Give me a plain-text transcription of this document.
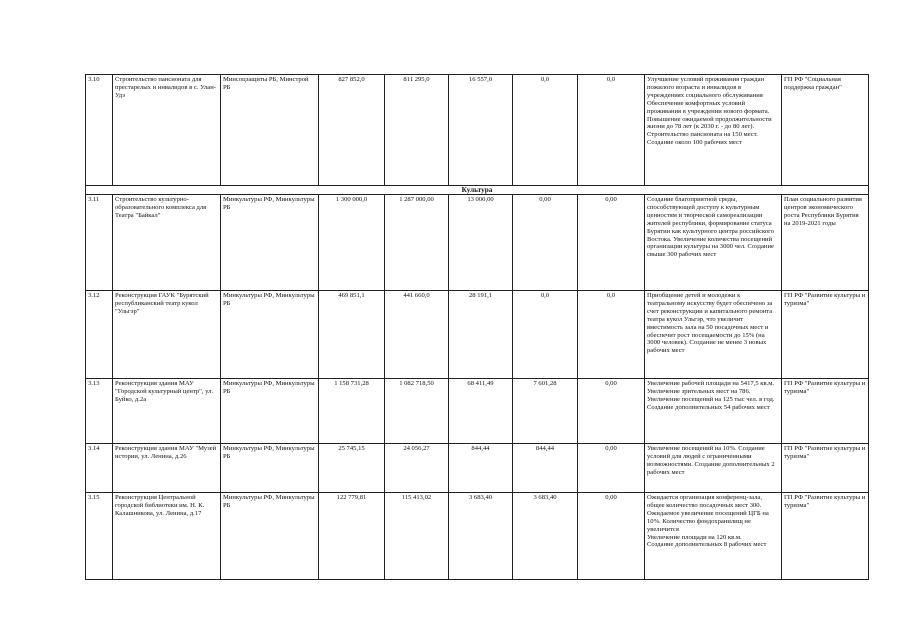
3.10	Строительство пансионата для престарелых и инвалидов в с. Улан-Удэ	Минсоцзащиты РБ, Минстрой РБ	827 852,0	811 295,0	16 557,0	0,0	0,0	Улучшение условий проживания граждан пожилого возраста и инвалидов в учреждениях социального обслуживания
Обеспечение комфортных условий проживания в учреждении нового формата.
Повышение ожидаемой продолжительности жизни до 78 лет (к 2030 г. - до 80 лет). Строительство пансионата на 150 мест. Создание около 100 рабочих мест	ГП РФ "Социальная поддержка граждан"
Культура									
3.11	Строительство культурно-образовательного комплекса для Театра "Байкал"	Минкультуры РФ, Минкультуры РБ	1 300 000,0	1 287 000,00	13 000,00	0,00	0,00	Создание благоприятной среды, способствующей доступу к культурным ценностям и творческой самореализации жителей республики, формирование статуса Бурятии как культурного центра российского Востока. Увеличение количества посещений организации культуры на 3000 чел. Создание свыше 300 рабочих мест	План социального развития центров экономического роста Республики Бурятия на 2019-2021 годы
3.12	Реконструкция ГАУК "Бурятский республиканский театр кукол "Ульгэр"	Минкультуры РФ, Минкультуры РБ	469 851,1	441 660,0	28 191,1	0,0	0,0	Приобщение детей и молодежи к театральному искусству будет обеспечено за счет реконструкции и капитального ремонта театра кукол Ульгэр, что увеличит вместимость зала на 50 посадочных мест и обеспечит рост посещаемости до 15% (на 3000 человек). Создание не менее 3 новых рабочих мест	ГП РФ "Развитие культуры и туризма"
3.13	Реконструкция здания МАУ "Городской культурный центр", ул. Буйко, д.2а	Минкультуры РФ, Минкультуры РБ	1 158 731,28	1 082 718,50	68 411,49	7 601,28	0,00	Увеличение рабочей площади на 5417,5 кв.м.
Увеличение зрительных мест на 786.
Увеличение посещений на 125 тыс чел. в год.
Создание дополнительных 54 рабочих мест	ГП РФ "Развитие культуры и туризма"
3.14	Реконструкция здания МАУ "Музей истории, ул. Ленина, д.26	Минкультуры РФ, Минкультуры РБ	25 745,15	24 056,27	844,44	844,44	0,00	Увеличение посещений на 10%. Создание условий для людей с ограниченными возможностями. Создание дополнительных 2 рабочих мест	ГП РФ "Развитие культуры и туризма"
3.15	Реконструкция Центральной городской библиотеки им. Н. К. Калашникова, ул. Ленина, д.17	Минкультуры РФ, Минкультуры РБ	122 779,81	115 413,02	3 683,40	3 683,40	0,00	Ожидается организация конференц-зала, общее количество посадочных мест 300. Ожидаемое увеличение посещений ЦГБ на 10%. Количество фондохранилищ не увеличится
Увеличение площади на 120 кв.м.
Создание дополнительных 8 рабочих мест	ГП РФ "Развитие культуры и туризма"
